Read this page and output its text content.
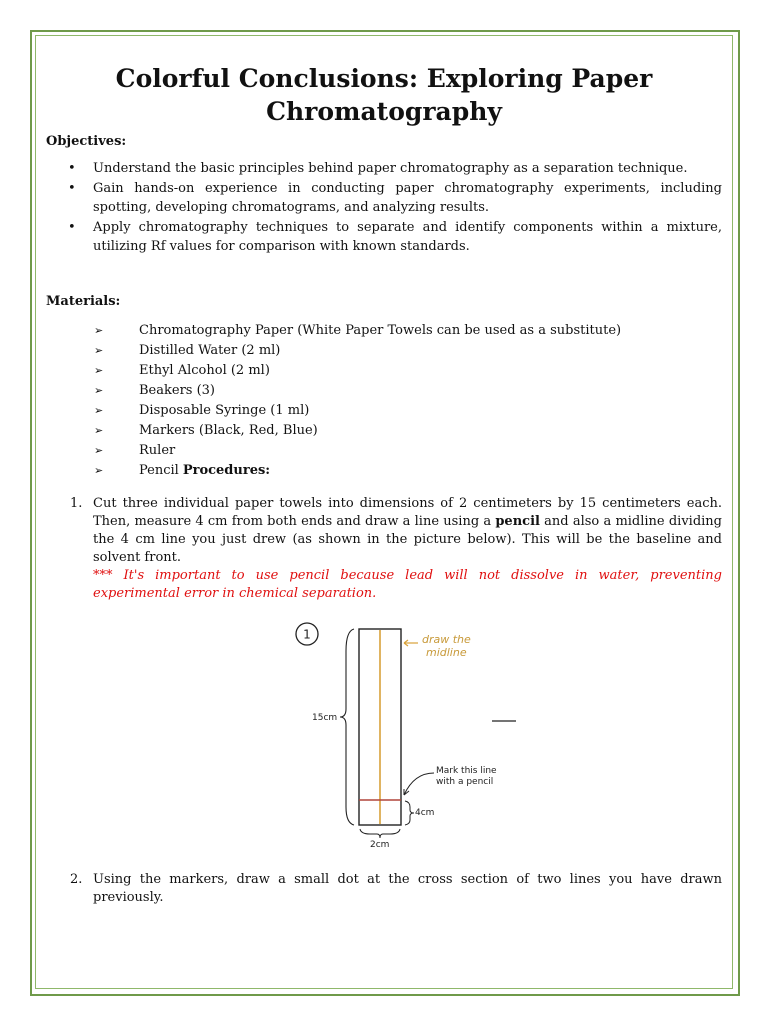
Colorful Conclusions: Exploring Paper Chromatography

Objectives:

• Understand the basic principles behind paper chromatography as a separation technique.
• Gain hands-on experience in conducting paper chromatography experiments, including spotting, developing chromatograms, and analyzing results.
• Apply chromatography techniques to separate and identify components within a mixture, utilizing Rf values for comparison with known standards.

Materials:

➢	Chromatography Paper (White Paper Towels can be used as a substitute)
➢	Distilled Water (2 ml)
➢	Ethyl Alcohol (2 ml)
➢	Beakers (3)
➢	Disposable Syringe (1 ml)
➢	Markers (Black, Red, Blue)
➢	Ruler
➢	Pencil Procedures:
1. Cut three individual paper towels into dimensions of 2 centimeters by 15 centimeters each. Then, measure 4 cm from both ends and draw a line using a pencil and also a midline dividing the 4 cm line you just drew (as shown in the picture below). This will be the baseline and solvent front.
*** It's important to use pencil because lead will not dissolve in water, preventing experimental error in chemical separation.
1	draw the
midline
15cm
Mark this line
with a pencil
4cm
2cm
2. Using the markers, draw a small dot at the cross section of two lines you have drawn previously.
